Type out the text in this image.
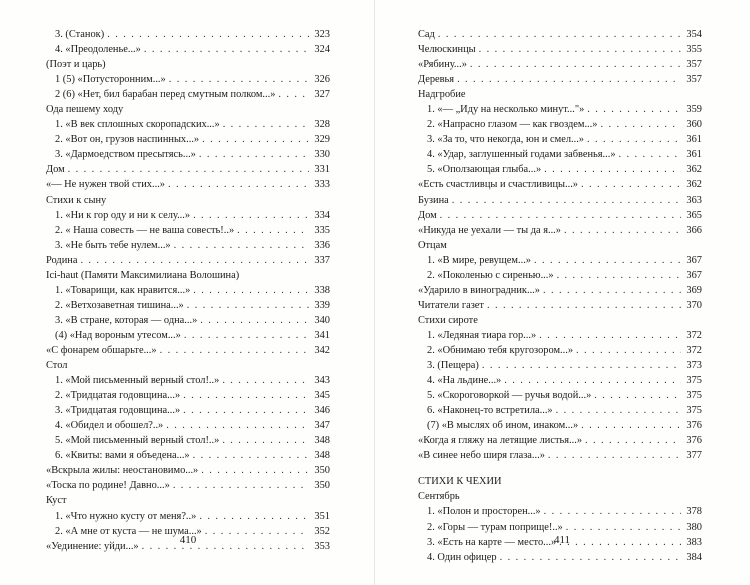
3. (Станок) . . .	323
4. «Преодоленье...» . . .	324
(Поэт и царь)
1 (5) «Потусторонним...» . . .	326
2 (6) «Нет, бил барабан перед смутным полком...» . . .	327
Ода пешему ходу
1. «В век сплошных скоропадских...» . . .	328
2. «Вот он, грузов наспинных...» . . .	329
3. «Дармоедством пресытясь...» . . .	330
Дом . . .	331
«— Не нужен твой стих...» . . .	333
Стихи к сыну
1. «Ни к гор оду и ни к селу...» . . .	334
2. « Наша совесть — не ваша совесть!..» . . .	335
3. «Не быть тебе нулем...» . . .	336
Родина . . .	337
Ici-haut (Памяти Максимилиана Волошина)
1. «Товарищи, как нравится...» . . .	338
2. «Ветхозаветная тишина...» . . .	339
3. «В стране, которая — одна...» . . .	340
(4) «Над вороным утесом...» . . .	341
«С фонарем обшарьте...» . . .	342
Стол
1. «Мой письменный верный стол!..» . . .	343
2. «Тридцатая годовщина...» . . .	345
3. «Тридцатая годовщина...» . . .	346
4. «Обидел и обошел?..» . . .	347
5. «Мой письменный верный стол!..» . . .	348
6. «Квиты: вами я объедена...» . . .	348
«Вскрыла жилы: неостановимо...» . . .	350
«Тоска по родине! Давно...» . . .	350
Куст
1. «Что нужно кусту от меня?..» . . .	351
2. «А мне от куста — не шума...» . . .	352
«Уединение: уйди...» . . .	353
410
Сад . . .	354
Челюскинцы . . .	355
«Рябину...» . . .	357
Деревья . . .	357
Надгробие
1. «— „Иду на несколько минут..."» . . .	359
2. «Напрасно глазом — как гвоздем...» . . .	360
3. «За то, что некогда, юн и смел...» . . .	361
4. «Удар, заглушенный годами забвенья...» . . .	361
5. «Оползающая глыба...» . . .	362
«Есть счастливцы и счастливицы...» . . .	362
Бузина . . .	363
Дом . . .	365
«Никуда не уехали — ты да я...» . . .	366
Отцам
1. «В мире, ревущем...» . . .	367
2. «Поколенью с сиренью...» . . .	367
«Ударило в виноградник...» . . .	369
Читатели газет . . .	370
Стихи сироте
1. «Ледяная тиара гор...» . . .	372
2. «Обнимаю тебя кругозором...» . . .	372
3. (Пещера) . . .	373
4. «На льдине...» . . .	375
5. «Скороговоркой — ручья водой...» . . .	375
6. «Наконец-то встретила...» . . .	375
(7) «В мыслях об ином, инаком...» . . .	376
«Когда я гляжу на летящие листья...» . . .	376
«В синее небо ширя глаза...» . . .	377
СТИХИ К ЧЕХИИ
Сентябрь
1. «Полон и просторен...» . . .	378
2. «Горы — турам поприще!..» . . .	380
3. «Есть на карте — место...» . . .	383
4. Один офицер . . .	384
411
